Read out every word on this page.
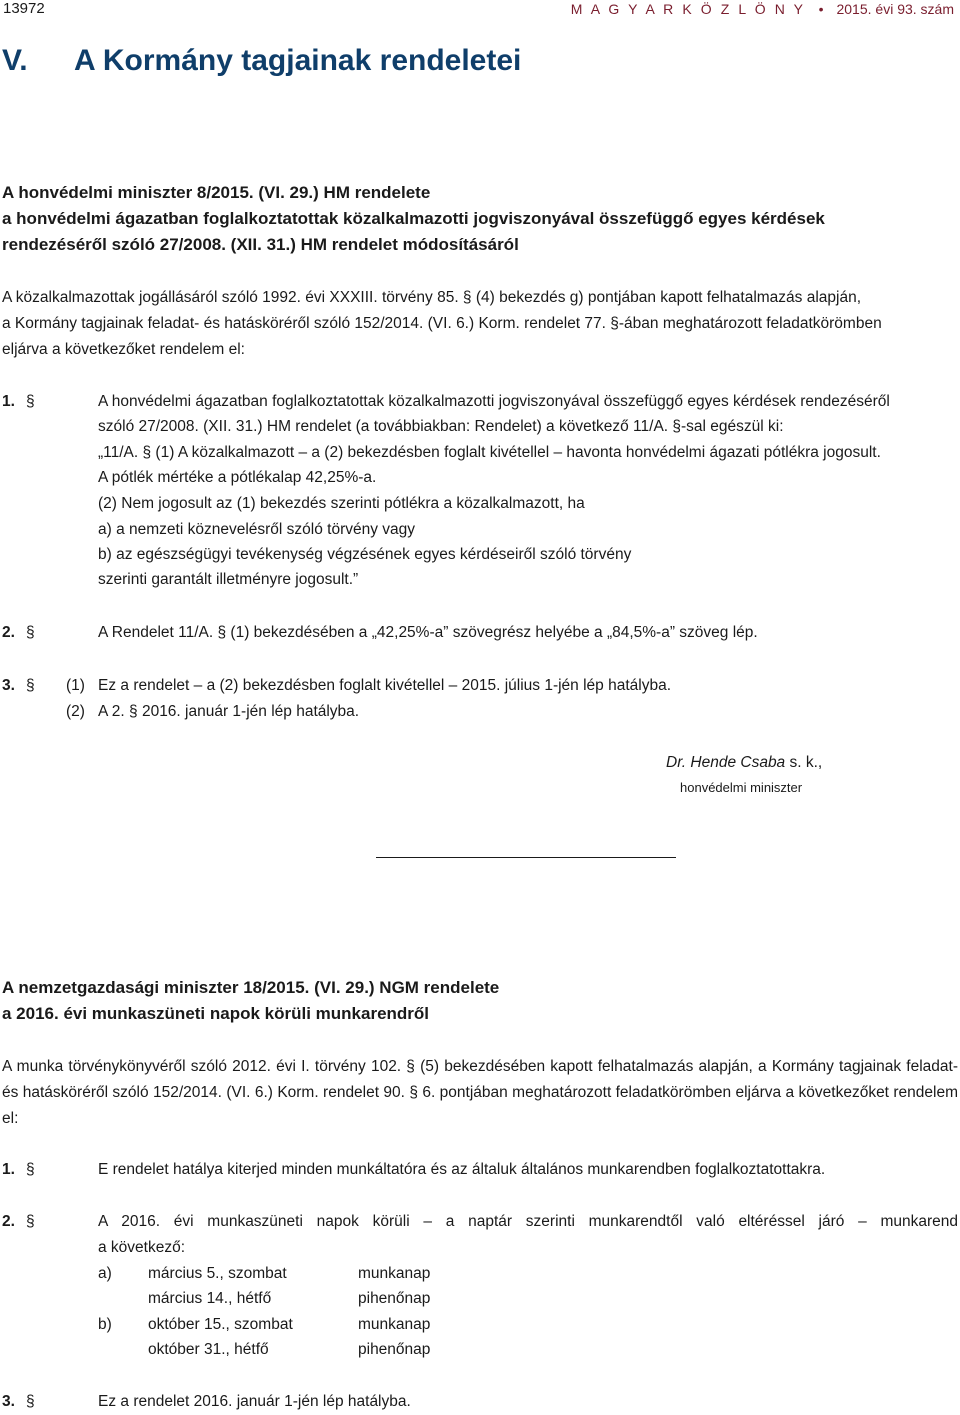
13972	M A G Y A R K Ö Z L Ö N Y • 2015. évi 93. szám
V. A Kormány tagjainak rendeletei
A honvédelmi miniszter 8/2015. (VI. 29.) HM rendelete
a honvédelmi ágazatban foglalkoztatottak közalkalmazotti jogviszonyával összefüggő egyes kérdések
rendezéséről szóló 27/2008. (XII. 31.) HM rendelet módosításáról
A közalkalmazottak jogállásáról szóló 1992. évi XXXIII. törvény 85. § (4) bekezdés g) pontjában kapott felhatalmazás alapján,
a Kormány tagjainak feladat- és hatásköréről szóló 152/2014. (VI. 6.) Korm. rendelet 77. §-ában meghatározott feladatkörömben
eljárva a következőket rendelem el:
1. §	A honvédelmi ágazatban foglalkoztatottak közalkalmazotti jogviszonyával összefüggő egyes kérdések rendezéséről
szóló 27/2008. (XII. 31.) HM rendelet (a továbbiakban: Rendelet) a következő 11/A. §-sal egészül ki:
„11/A. § (1) A közalkalmazott – a (2) bekezdésben foglalt kivétellel – havonta honvédelmi ágazati pótlékra jogosult.
A pótlék mértéke a pótlékalap 42,25%-a.
(2) Nem jogosult az (1) bekezdés szerinti pótlékra a közalkalmazott, ha
a) a nemzeti köznevelésről szóló törvény vagy
b) az egészségügyi tevékenység végzésének egyes kérdéseiről szóló törvény
szerinti garantált illetményre jogosult.”
2. §	A Rendelet 11/A. § (1) bekezdésében a „42,25%-a” szövegrész helyébe a „84,5%-a” szöveg lép.
3. § (1) Ez a rendelet – a (2) bekezdésben foglalt kivétellel – 2015. július 1-jén lép hatályba.
(2) A 2. § 2016. január 1-jén lép hatályba.
Dr. Hende Csaba s. k.,
honvédelmi miniszter
A nemzetgazdasági miniszter 18/2015. (VI. 29.) NGM rendelete
a 2016. évi munkaszüneti napok körüli munkarendről
A munka törvénykönyvéről szóló 2012. évi I. törvény 102. § (5) bekezdésében kapott felhatalmazás alapján, a Kormány tagjainak feladat- és hatásköréről szóló 152/2014. (VI. 6.) Korm. rendelet 90. § 6. pontjában meghatározott feladatkörömben eljárva a következőket rendelem el:
1. §	E rendelet hatálya kiterjed minden munkáltatóra és az általuk általános munkarendben foglalkoztatottakra.
2. §	A 2016. évi munkaszüneti napok körüli – a naptár szerinti munkarendtől való eltéréssel járó – munkarend
a következő:
a) március 5., szombat	munkanap
március 14., hétfő	pihenőnap
b) október 15., szombat	munkanap
október 31., hétfő	pihenőnap
3. §	Ez a rendelet 2016. január 1-jén lép hatályba.
